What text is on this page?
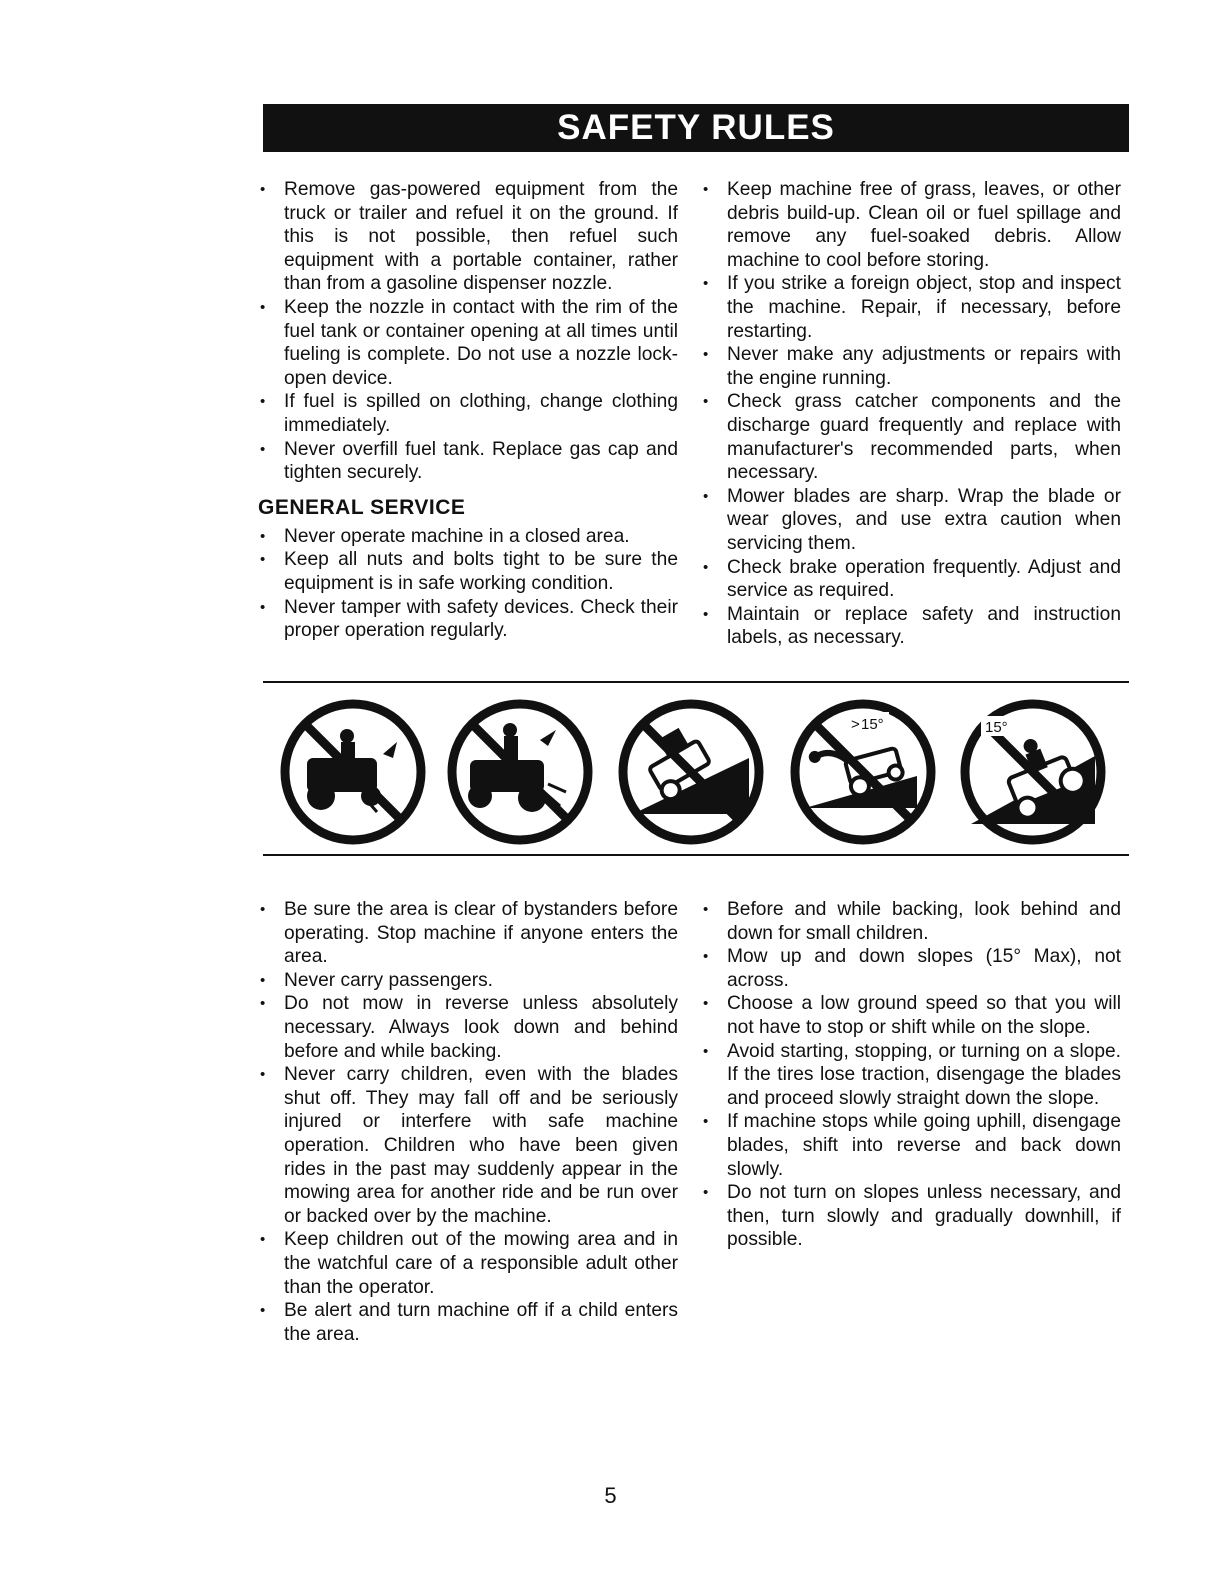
SAFETY RULES
• Remove gas-powered equipment from the truck or trailer and refuel it on the ground. If this is not possible, then refuel such equipment with a portable container, rather than from a gasoline dispenser nozzle.
• Keep the nozzle in contact with the rim of the fuel tank or container opening at all times until fueling is complete. Do not use a nozzle lock-open device.
• If fuel is spilled on clothing, change clothing immediately.
• Never overfill fuel tank. Replace gas cap and tighten securely.
GENERAL SERVICE
• Never operate machine in a closed area.
• Keep all nuts and bolts tight to be sure the equipment is in safe working condition.
• Never tamper with safety devices. Check their proper operation regularly.
• Keep machine free of grass, leaves, or other debris build-up. Clean oil or fuel spillage and remove any fuel-soaked debris. Allow machine to cool before storing.
• If you strike a foreign object, stop and inspect the machine. Repair, if necessary, before restarting.
• Never make any adjustments or repairs with the engine running.
• Check grass catcher components and the discharge guard frequently and replace with manufacturer's recommended parts, when necessary.
• Mower blades are sharp. Wrap the blade or wear gloves, and use extra caution when servicing them.
• Check brake operation frequently. Adjust and service as required.
• Maintain or replace safety and instruction labels, as necessary.
> 15°	15°
• Be sure the area is clear of bystanders before operating. Stop machine if anyone enters the area.
• Never carry passengers.
• Do not mow in reverse unless absolutely necessary. Always look down and behind before and while backing.
• Never carry children, even with the blades shut off. They may fall off and be seriously injured or interfere with safe machine operation. Children who have been given rides in the past may suddenly appear in the mowing area for another ride and be run over or backed over by the machine.
• Keep children out of the mowing area and in the watchful care of a responsible adult other than the operator.
• Be alert and turn machine off if a child enters the area.
• Before and while backing, look behind and down for small children.
• Mow up and down slopes (15° Max), not across.
• Choose a low ground speed so that you will not have to stop or shift while on the slope.
• Avoid starting, stopping, or turning on a slope. If the tires lose traction, disengage the blades and proceed slowly straight down the slope.
• If machine stops while going uphill, disengage blades, shift into reverse and back down slowly.
• Do not turn on slopes unless necessary, and then, turn slowly and gradually downhill, if possible.
5
